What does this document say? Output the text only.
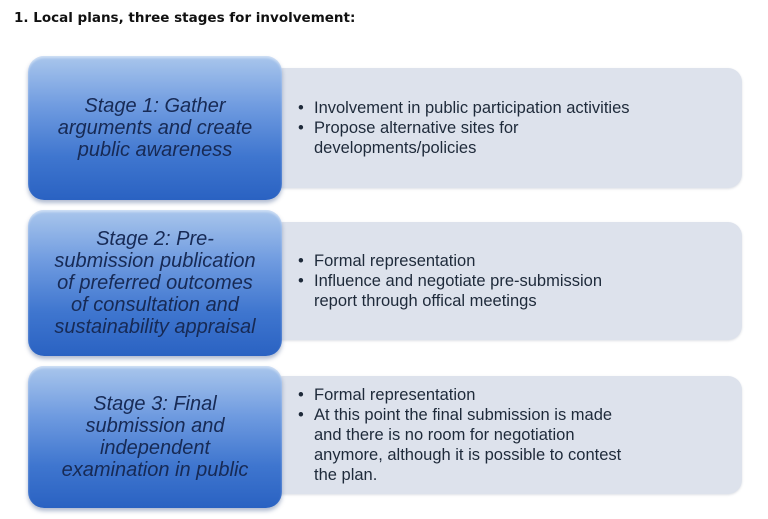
1. Local plans, three stages for involvement:
• Involvement in public participation activities
• Propose alternative sites for
developments/policies
Stage 1: Gather
arguments and create
public awareness
• Formal representation
• Influence and negotiate pre-submission
report through offical meetings
Stage 2: Pre-
submission publication
of preferred outcomes
of consultation and
sustainability appraisal
• Formal representation
• At this point the final submission is made
and there is no room for negotiation
anymore, although it is possible to contest
the plan.
Stage 3: Final
submission and
independent
examination in public
